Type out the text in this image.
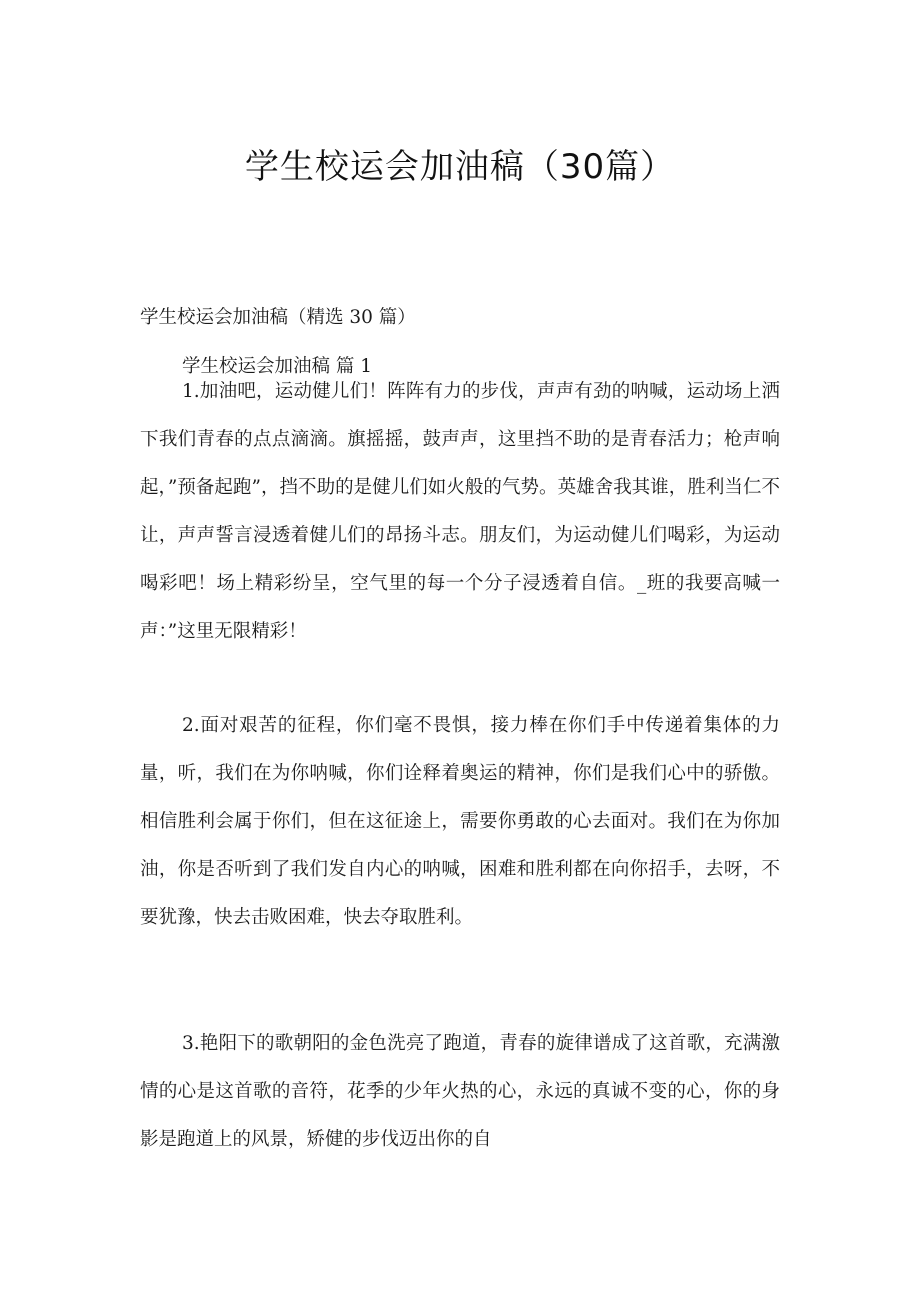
学生校运会加油稿（30篇）
学生校运会加油稿（精选 30 篇）
学生校运会加油稿 篇 1
1.加油吧，运动健儿们！阵阵有力的步伐，声声有劲的呐喊，运动场上洒下我们青春的点点滴滴。旗摇摇，鼓声声，这里挡不助的是青春活力；枪声响起，”预备起跑”，挡不助的是健儿们如火般的气势。英雄舍我其谁，胜利当仁不让，声声誓言浸透着健儿们的昂扬斗志。朋友们，为运动健儿们喝彩，为运动喝彩吧！场上精彩纷呈，空气里的每一个分子浸透着自信。_班的我要高喊一声：”这里无限精彩！
2.面对艰苦的征程，你们毫不畏惧，接力棒在你们手中传递着集体的力量，听，我们在为你呐喊，你们诠释着奥运的精神，你们是我们心中的骄傲。相信胜利会属于你们，但在这征途上，需要你勇敢的心去面对。我们在为你加油，你是否听到了我们发自内心的呐喊，困难和胜利都在向你招手，去呀，不要犹豫，快去击败困难，快去夺取胜利。
3.艳阳下的歌朝阳的金色洗亮了跑道，青春的旋律谱成了这首歌，充满激情的心是这首歌的音符，花季的少年火热的心，永远的真诚不变的心，你的身影是跑道上的风景，矫健的步伐迈出你的自
